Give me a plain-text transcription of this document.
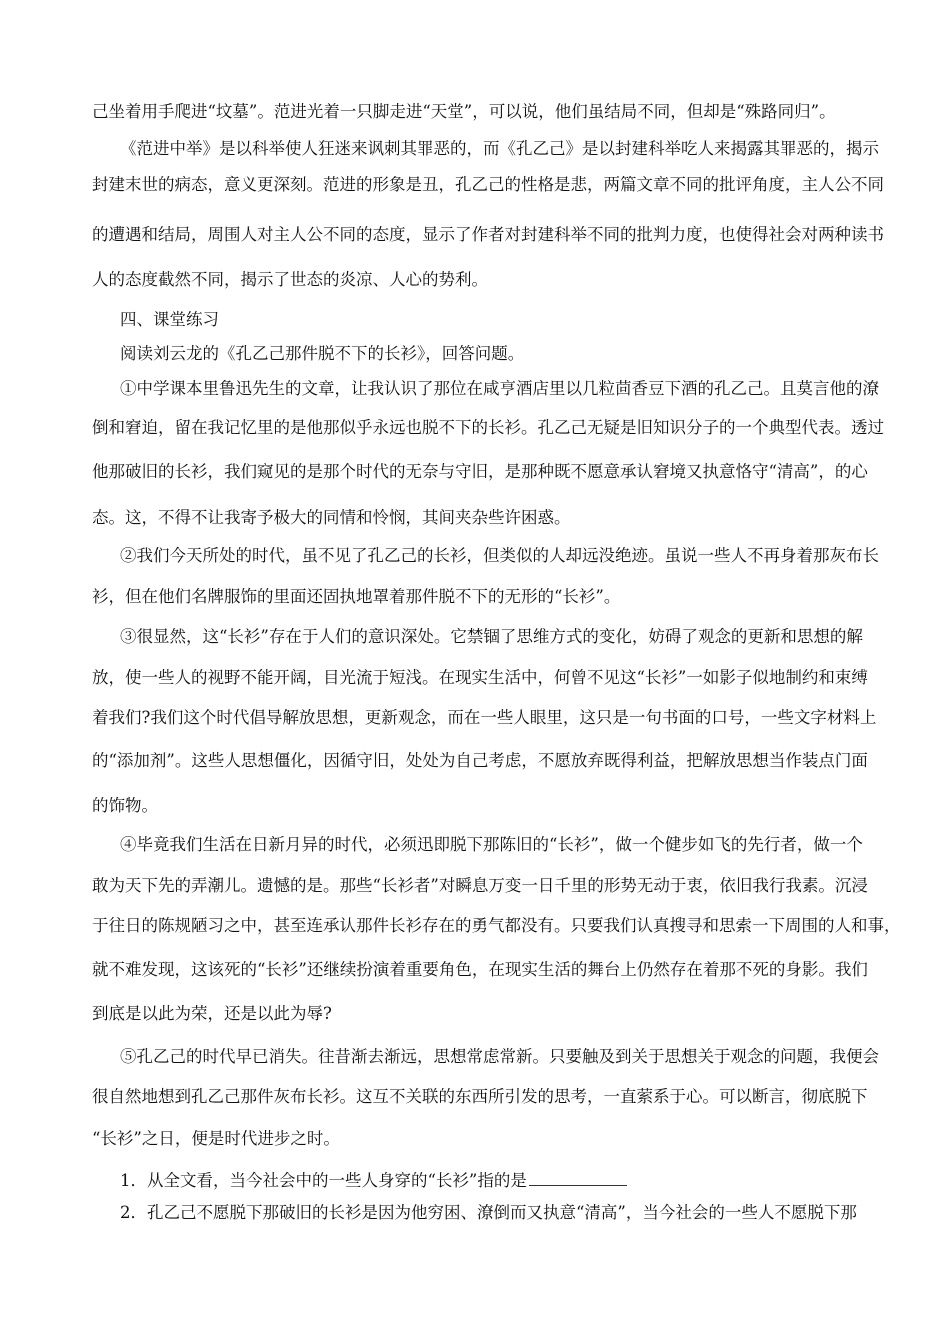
己坐着用手爬进“坟墓”。范进光着一只脚走进“天堂”，可以说，他们虽结局不同，但却是“殊路同归”。
《范进中举》是以科举使人狂迷来讽刺其罪恶的，而《孔乙己》是以封建科举吃人来揭露其罪恶的，揭示
封建末世的病态，意义更深刻。范进的形象是丑，孔乙己的性格是悲，两篇文章不同的批评角度，主人公不同
的遭遇和结局，周围人对主人公不同的态度，显示了作者对封建科举不同的批判力度，也使得社会对两种读书
人的态度截然不同，揭示了世态的炎凉、人心的势利。
四、课堂练习
阅读刘云龙的《孔乙己那件脱不下的长衫》，回答问题。
①中学课本里鲁迅先生的文章，让我认识了那位在咸亨酒店里以几粒茴香豆下酒的孔乙己。且莫言他的潦
倒和窘迫，留在我记忆里的是他那似乎永远也脱不下的长衫。孔乙己无疑是旧知识分子的一个典型代表。透过
他那破旧的长衫，我们窥见的是那个时代的无奈与守旧，是那种既不愿意承认窘境又执意恪守“清高”，的心
态。这，不得不让我寄予极大的同情和怜悯，其间夹杂些许困惑。
②我们今天所处的时代，虽不见了孔乙己的长衫，但类似的人却远没绝迹。虽说一些人不再身着那灰布长
衫，但在他们名牌服饰的里面还固执地罩着那件脱不下的无形的“长衫”。
③很显然，这“长衫”存在于人们的意识深处。它禁锢了思维方式的变化，妨碍了观念的更新和思想的解
放，使一些人的视野不能开阔，目光流于短浅。在现实生活中，何曾不见这“长衫”一如影子似地制约和束缚
着我们?我们这个时代倡导解放思想，更新观念，而在一些人眼里，这只是一句书面的口号，一些文字材料上
的“添加剂”。这些人思想僵化，因循守旧，处处为自己考虑，不愿放弃既得利益，把解放思想当作装点门面
的饰物。
④毕竟我们生活在日新月异的时代，必须迅即脱下那陈旧的“长衫”，做一个健步如飞的先行者，做一个
敢为天下先的弄潮儿。遗憾的是。那些“长衫者”对瞬息万变一日千里的形势无动于衷，依旧我行我素。沉浸
于往日的陈规陋习之中，甚至连承认那件长衫存在的勇气都没有。只要我们认真搜寻和思索一下周围的人和事，
就不难发现，这该死的“长衫”还继续扮演着重要角色，在现实生活的舞台上仍然存在着那不死的身影。我们
到底是以此为荣，还是以此为辱?
⑤孔乙己的时代早已消失。往昔渐去渐远，思想常虑常新。只要触及到关于思想关于观念的问题，我便会
很自然地想到孔乙己那件灰布长衫。这互不关联的东西所引发的思考，一直萦系于心。可以断言，彻底脱下
“长衫”之日，便是时代进步之时。
1．从全文看，当今社会中的一些人身穿的“长衫”指的是
2．孔乙己不愿脱下那破旧的长衫是因为他穷困、潦倒而又执意“清高”，当今社会的一些人不愿脱下那
